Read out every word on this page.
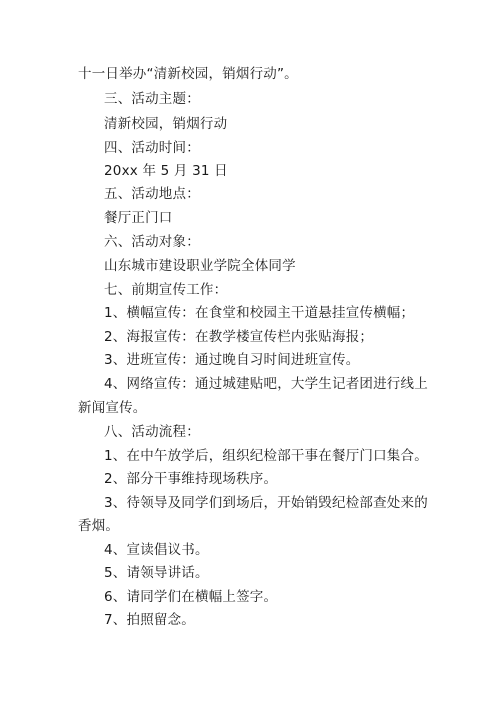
十一日举办“清新校园，销烟行动”。
三、活动主题：
清新校园，销烟行动
四、活动时间：
20xx 年 5 月 31 日
五、活动地点：
餐厅正门口
六、活动对象：
山东城市建设职业学院全体同学
七、前期宣传工作：
1、横幅宣传：在食堂和校园主干道悬挂宣传横幅；
2、海报宣传：在教学楼宣传栏内张贴海报；
3、进班宣传：通过晚自习时间进班宣传。
4、网络宣传：通过城建贴吧，大学生记者团进行线上
新闻宣传。
八、活动流程：
1、在中午放学后，组织纪检部干事在餐厅门口集合。
2、部分干事维持现场秩序。
3、待领导及同学们到场后，开始销毁纪检部查处来的
香烟。
4、宣读倡议书。
5、请领导讲话。
6、请同学们在横幅上签字。
7、拍照留念。
